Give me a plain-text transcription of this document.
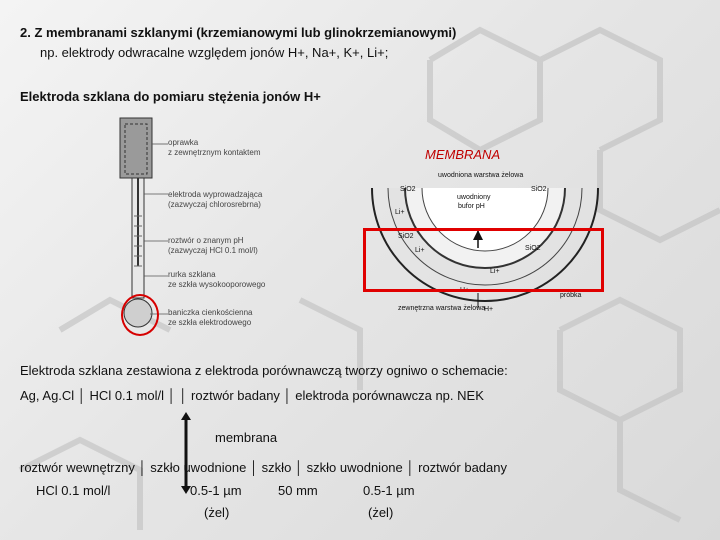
2. Z membranami szklanymi (krzemianowymi lub glinokrzemianowymi)
np. elektrody odwracalne względem jonów H+, Na+, K+, Li+;
Elektroda szklana do pomiaru stężenia jonów H+
oprawka
z zewnętrznym kontaktem
elektroda wyprowadzająca
(zazwyczaj chlorosrebrna)
roztwór o znanym pH
(zazwyczaj HCl 0.1 mol/l)
rurka szklana
ze szkła wysokooporowego
baniczka cienkościenna
ze szkła elektrodowego
MEMBRANA
uwodniona warstwa żelowa
uwodniony
bufor pH
SiO2	SiO2
SiO2
SiO2
Li+
Li+
Li+
H+
H+
zewnętrzna warstwa żelowa
próbka
Elektroda szklana zestawiona z elektroda porównawczą tworzy ogniwo o schemacie:
Ag, Ag.Cl │ HCl 0.1 mol/l │ │ roztwór badany │ elektroda porównawcza np. NEK
membrana
roztwór wewnętrzny │ szkło uwodnione │ szkło │ szkło uwodnione │ roztwór badany
HCl 0.1 mol/l	0.5-1 µm	50 mm	0.5-1 µm
(żel)	(żel)
